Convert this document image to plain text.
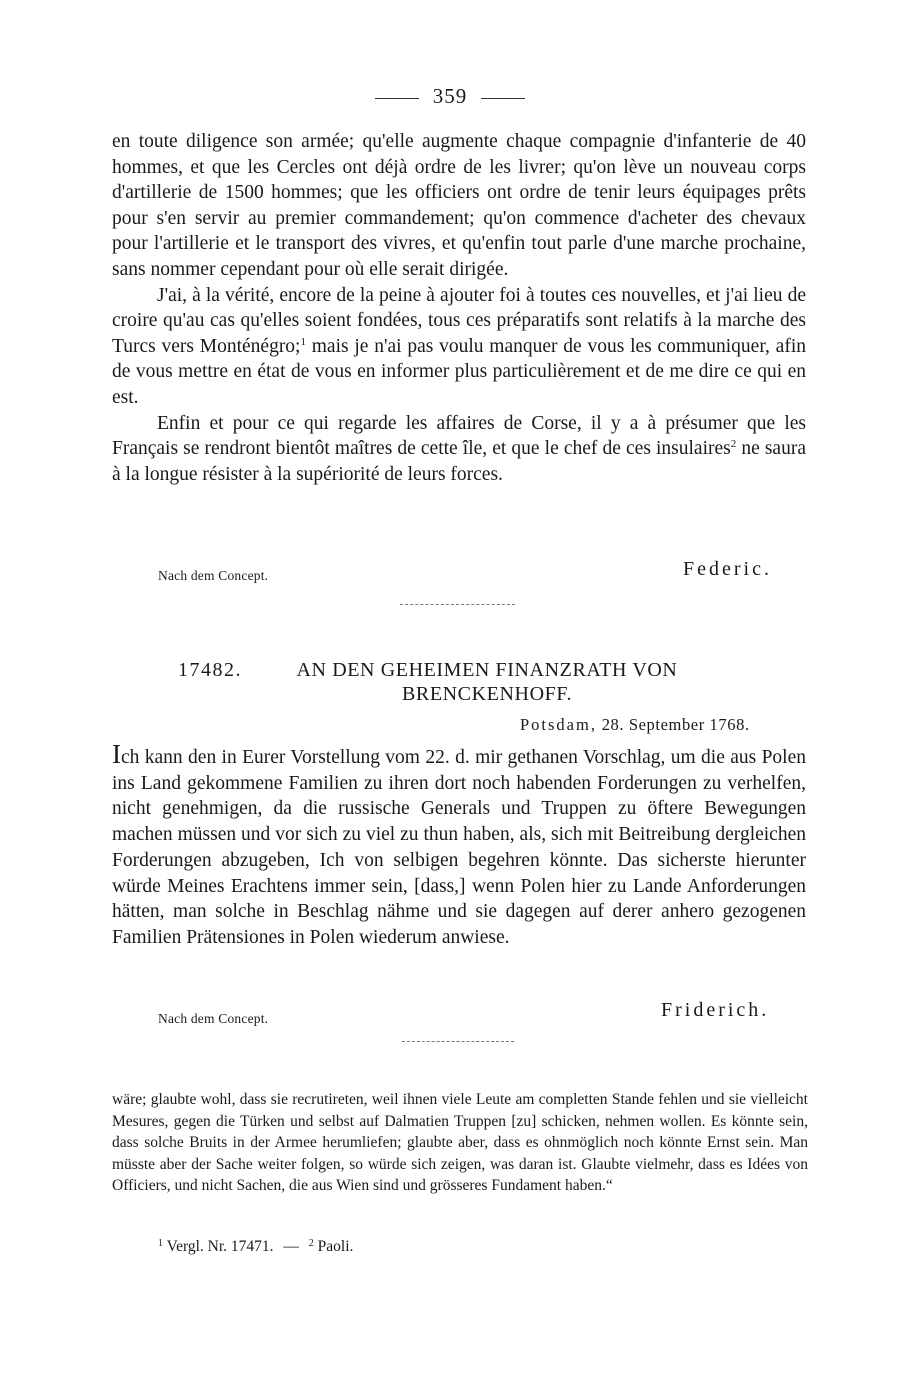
359

en toute diligence son armée; qu'elle augmente chaque compagnie d'infanterie de 40 hommes, et que les Cercles ont déjà ordre de les livrer; qu'on lève un nouveau corps d'artillerie de 1500 hommes; que les officiers ont ordre de tenir leurs équipages prêts pour s'en servir au premier commandement; qu'on commence d'acheter des chevaux pour l'artillerie et le transport des vivres, et qu'enfin tout parle d'une marche prochaine, sans nommer cependant pour où elle serait dirigée.

J'ai, à la vérité, encore de la peine à ajouter foi à toutes ces nouvelles, et j'ai lieu de croire qu'au cas qu'elles soient fondées, tous ces préparatifs sont relatifs à la marche des Turcs vers Monténégro;$^1$ mais je n'ai pas voulu manquer de vous les communiquer, afin de vous mettre en état de vous en informer plus particulièrement et de me dire ce qui en est.

Enfin et pour ce qui regarde les affaires de Corse, il y a à présumer que les Français se rendront bientôt maîtres de cette île, et que le chef de ces insulaires$^2$ ne saura à la longue résister à la supériorité de leurs forces.

Nach dem Concept.	Federic.
17482.	AN DEN GEHEIMEN FINANZRATH VON BRENCKENHOFF.
Potsdam, 28. September 1768.

Ich kann den in Eurer Vorstellung vom 22. d. mir gethanen Vorschlag, um die aus Polen ins Land gekommene Familien zu ihren dort noch habenden Forderungen zu verhelfen, nicht genehmigen, da die russische Generals und Truppen zu öftere Bewegungen machen müssen und vor sich zu viel zu thun haben, als, sich mit Beitreibung dergleichen Forderungen abzugeben, Ich von selbigen begehren könnte. Das sicherste hierunter würde Meines Erachtens immer sein, [dass,] wenn Polen hier zu Lande Anforderungen hätten, man solche in Beschlag nähme und sie dagegen auf derer anhero gezogenen Familien Prätensiones in Polen wiederum anwiese.

Nach dem Concept.	Friderich.

wäre; glaubte wohl, dass sie recrutireten, weil ihnen viele Leute am completten Stande fehlen und sie vielleicht Mesures, gegen die Türken und selbst auf Dalmatien Truppen [zu] schicken, nehmen wollen. Es könnte sein, dass solche Bruits in der Armee herumliefen; glaubte aber, dass es ohnmöglich noch könnte Ernst sein. Man müsste aber der Sache weiter folgen, so würde sich zeigen, was daran ist. Glaubte vielmehr, dass es Idées von Officiers, und nicht Sachen, die aus Wien sind und grösseres Fundament haben.“

$^1$ Vergl. Nr. 17471. — $^2$ Paoli.
